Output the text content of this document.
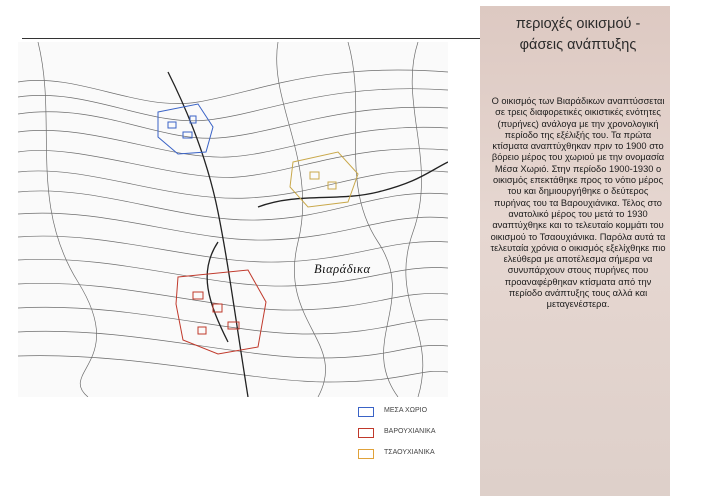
περιοχές οικισμού -
φάσεις ανάπτυξης
Ο οικισμός των Βιαράδικων αναπτύσσεται σε τρεις διαφορετικές οικιστικές ενότητες (πυρήνες) ανάλογα με την χρονολογική περίοδο της εξέλιξής του. Τα πρώτα κτίσματα αναπτύχθηκαν πριν το 1900 στο βόρειο μέρος του χωριού με την ονομασία Μέσα Χωριό. Στην περίοδο 1900-1930 ο οικισμός επεκτάθηκε προς το νότιο μέρος του και δημιουργήθηκε ο δεύτερος πυρήνας του τα Βαρουχιάνικα. Τέλος στο ανατολικό μέρος του μετά το 1930 αναπτύχθηκε και το τελευταίο κομμάτι του οικισμού το Τσαουχιάνικα. Παρόλα αυτά τα τελευταία χρόνια ο οικισμός εξελίχθηκε πιο ελεύθερα με αποτέλεσμα σήμερα να συνυπάρχουν στους πυρήνες που προαναφέρθηκαν κτίσματα από την περίοδο ανάπτυξης τους αλλά και μεταγενέστερα.
Βιαράδικα
ΜΕΣΑ ΧΩΡΙΟ
ΒΑΡΟΥΧΙΑΝΙΚΑ
ΤΣΑΟΥΧΙΑΝΙΚΑ
